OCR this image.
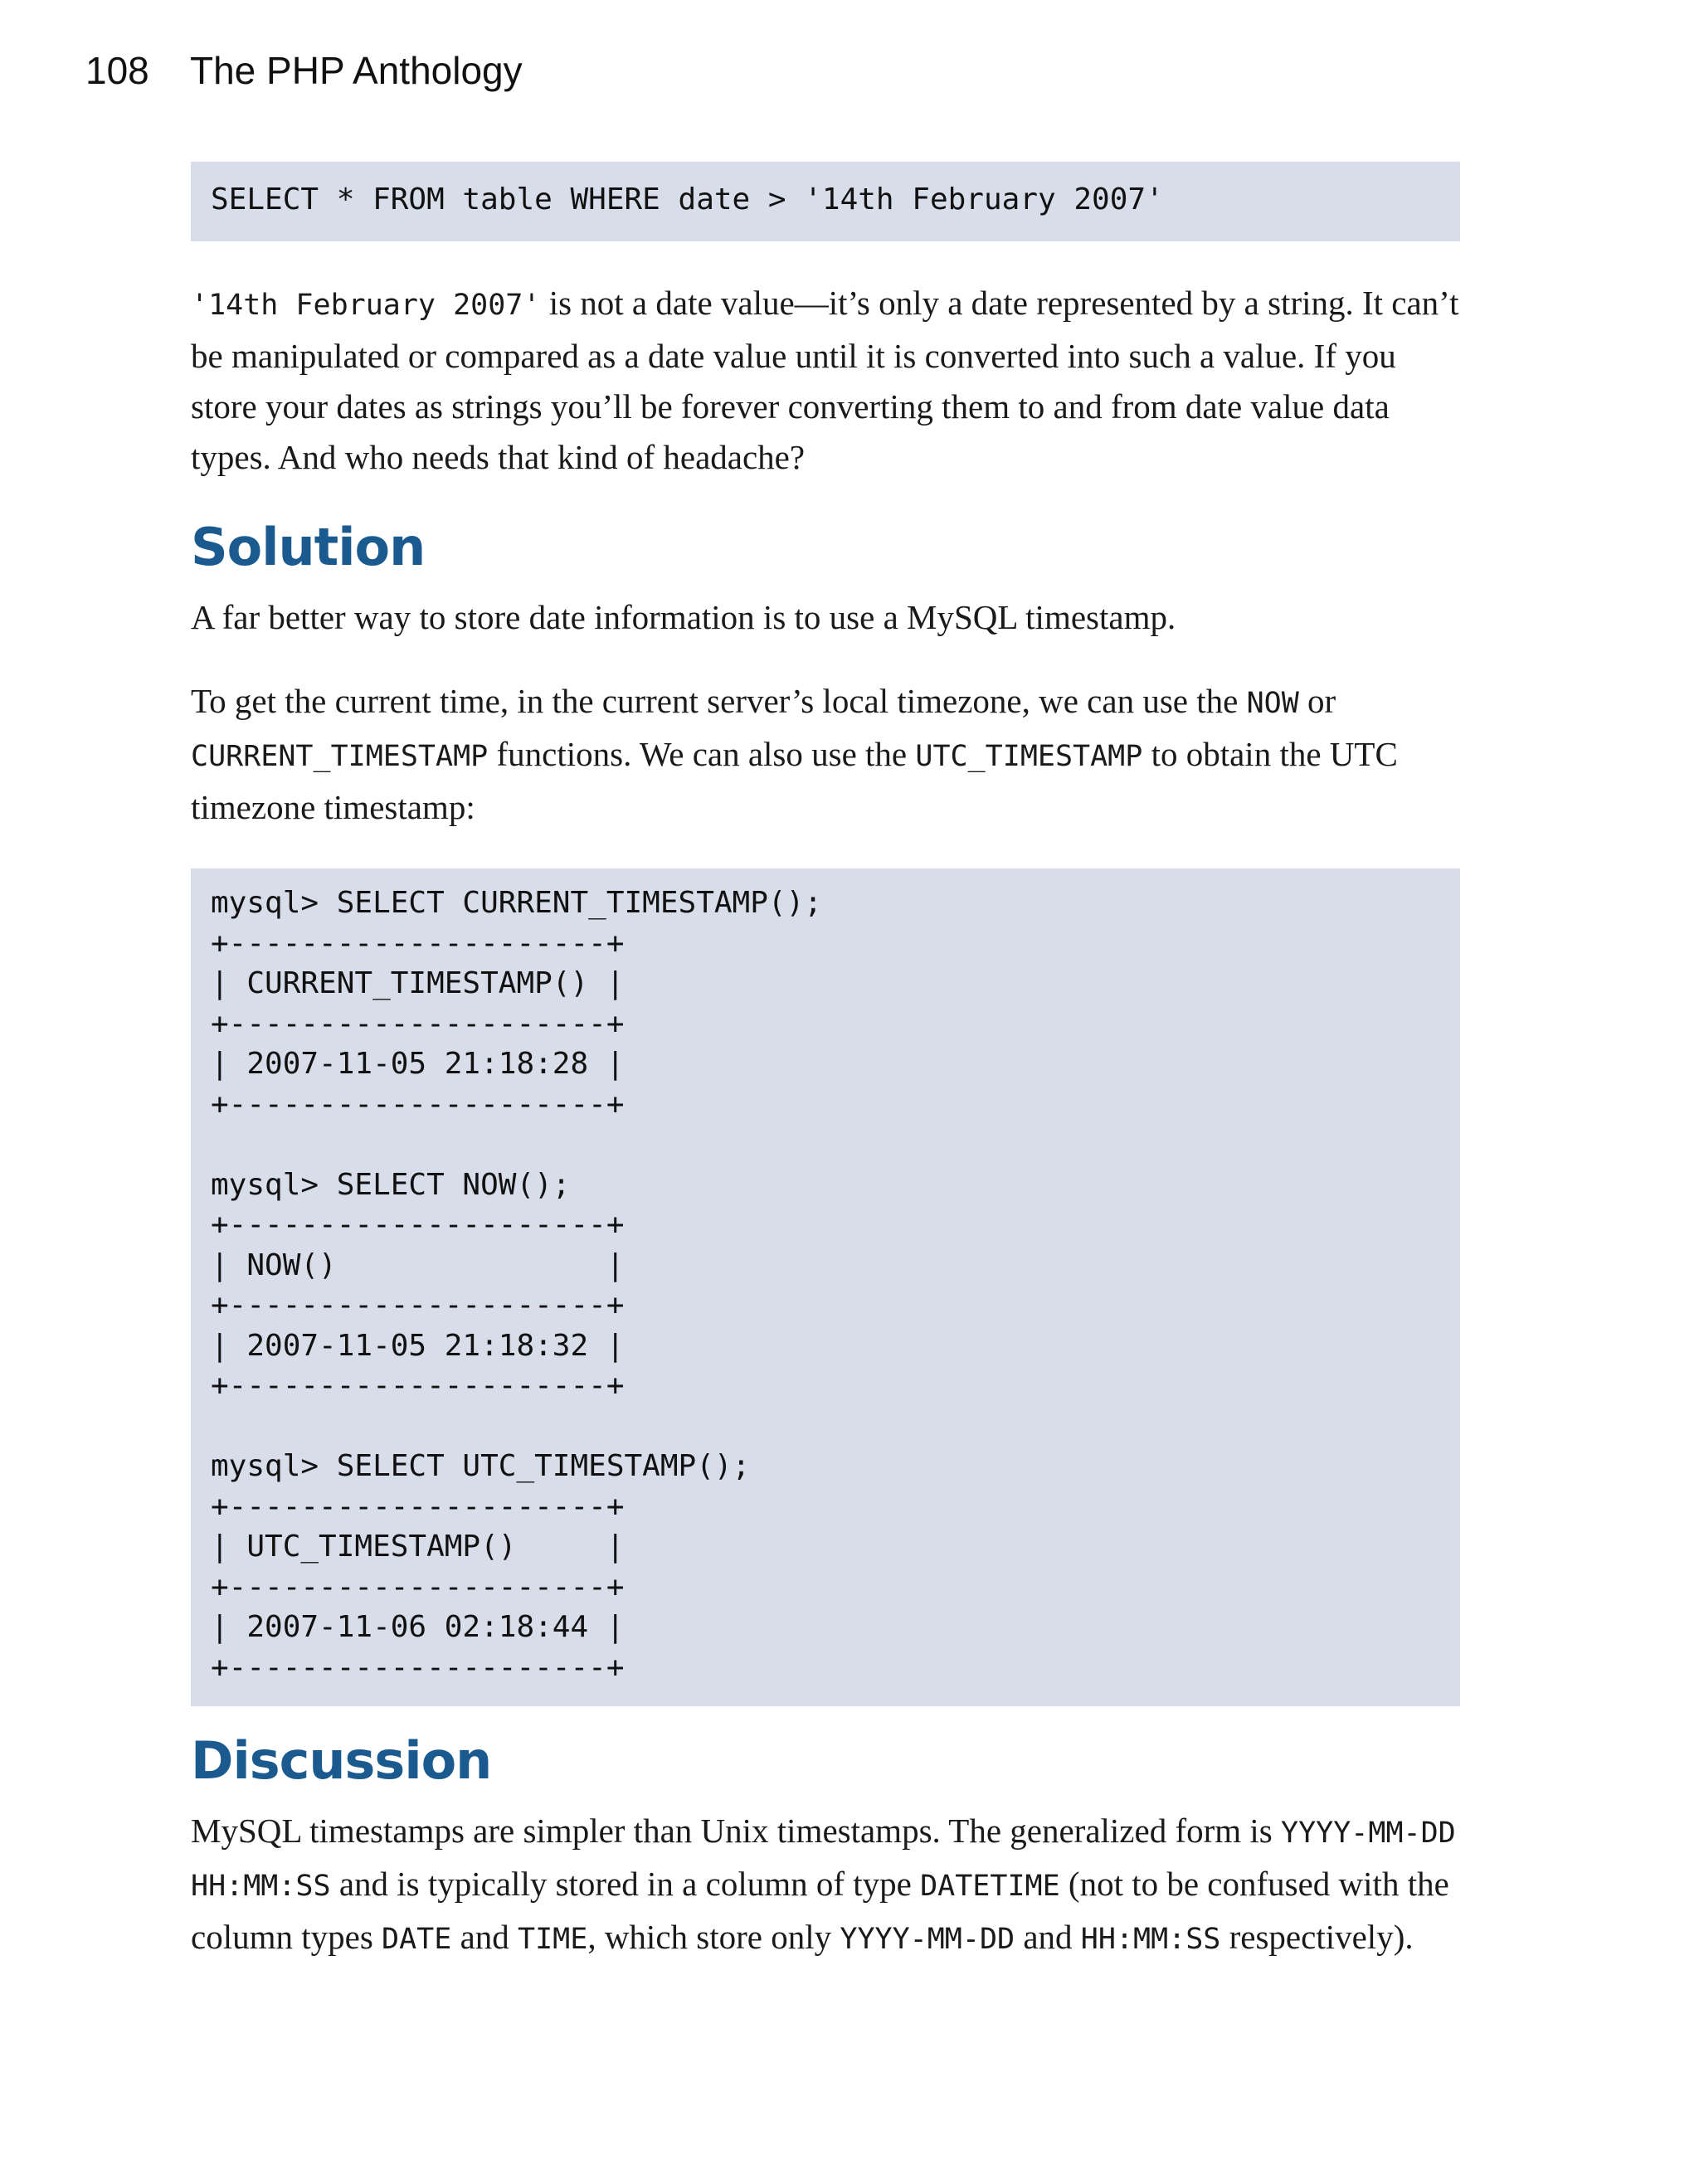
108 The PHP Anthology
SELECT * FROM table WHERE date > '14th February 2007'

'14th February 2007' is not a date value—it’s only a date represented by a string. It can’t be manipulated or compared as a date value until it is converted into such a value. If you store your dates as strings you’ll be forever converting them to and from date value data types. And who needs that kind of headache?

Solution

A far better way to store date information is to use a MySQL timestamp.

To get the current time, in the current server’s local timezone, we can use the NOW or CURRENT_TIMESTAMP functions. We can also use the UTC_TIMESTAMP to obtain the UTC timezone timestamp:

mysql> SELECT CURRENT_TIMESTAMP();
+---------------------+
| CURRENT_TIMESTAMP() |
+---------------------+
| 2007-11-05 21:18:28 |
+---------------------+

mysql> SELECT NOW();
+---------------------+
| NOW()               |
+---------------------+
| 2007-11-05 21:18:32 |
+---------------------+

mysql> SELECT UTC_TIMESTAMP();
+---------------------+
| UTC_TIMESTAMP()     |
+---------------------+
| 2007-11-06 02:18:44 |
+---------------------+
Discussion

MySQL timestamps are simpler than Unix timestamps. The generalized form is YYYY-MM-DD HH:MM:SS and is typically stored in a column of type DATETIME (not to be confused with the column types DATE and TIME, which store only YYYY-MM-DD and HH:MM:SS respectively).
